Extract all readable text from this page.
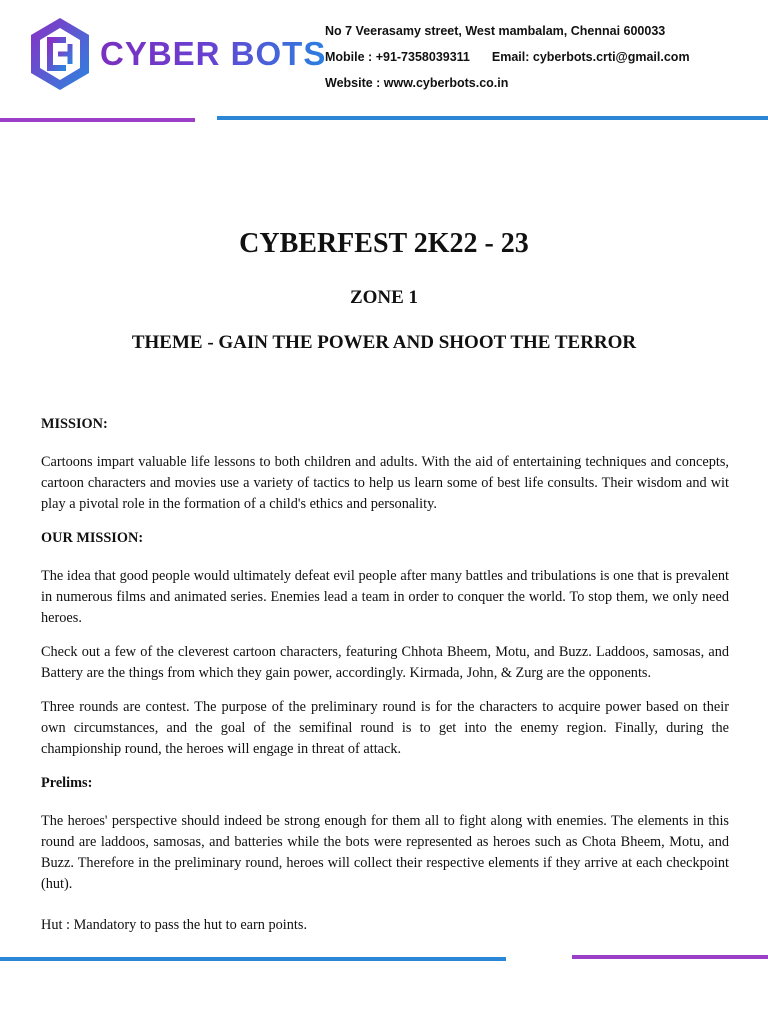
CYBER BOTS
No 7 Veerasamy street, West mambalam, Chennai 600033
Mobile : +91-7358039311 Email: cyberbots.crti@gmail.com
Website : www.cyberbots.co.in
CYBERFEST 2K22 - 23
ZONE 1
THEME - GAIN THE POWER AND SHOOT THE TERROR
MISSION:

Cartoons impart valuable life lessons to both children and adults. With the aid of entertaining techniques and concepts, cartoon characters and movies use a variety of tactics to help us learn some of best life consults. Their wisdom and wit play a pivotal role in the formation of a child's ethics and personality.

OUR MISSION:

The idea that good people would ultimately defeat evil people after many battles and tribulations is one that is prevalent in numerous films and animated series. Enemies lead a team in order to conquer the world. To stop them, we only need heroes.

Check out a few of the cleverest cartoon characters, featuring Chhota Bheem, Motu, and Buzz. Laddoos, samosas, and Battery are the things from which they gain power, accordingly. Kirmada, John, & Zurg are the opponents.

Three rounds are contest. The purpose of the preliminary round is for the characters to acquire power based on their own circumstances, and the goal of the semifinal round is to get into the enemy region. Finally, during the championship round, the heroes will engage in threat of attack.

Prelims:

The heroes' perspective should indeed be strong enough for them all to fight along with enemies. The elements in this round are laddoos, samosas, and batteries while the bots were represented as heroes such as Chota Bheem, Motu, and Buzz. Therefore in the preliminary round, heroes will collect their respective elements if they arrive at each checkpoint (hut).

Hut : Mandatory to pass the hut to earn points.
